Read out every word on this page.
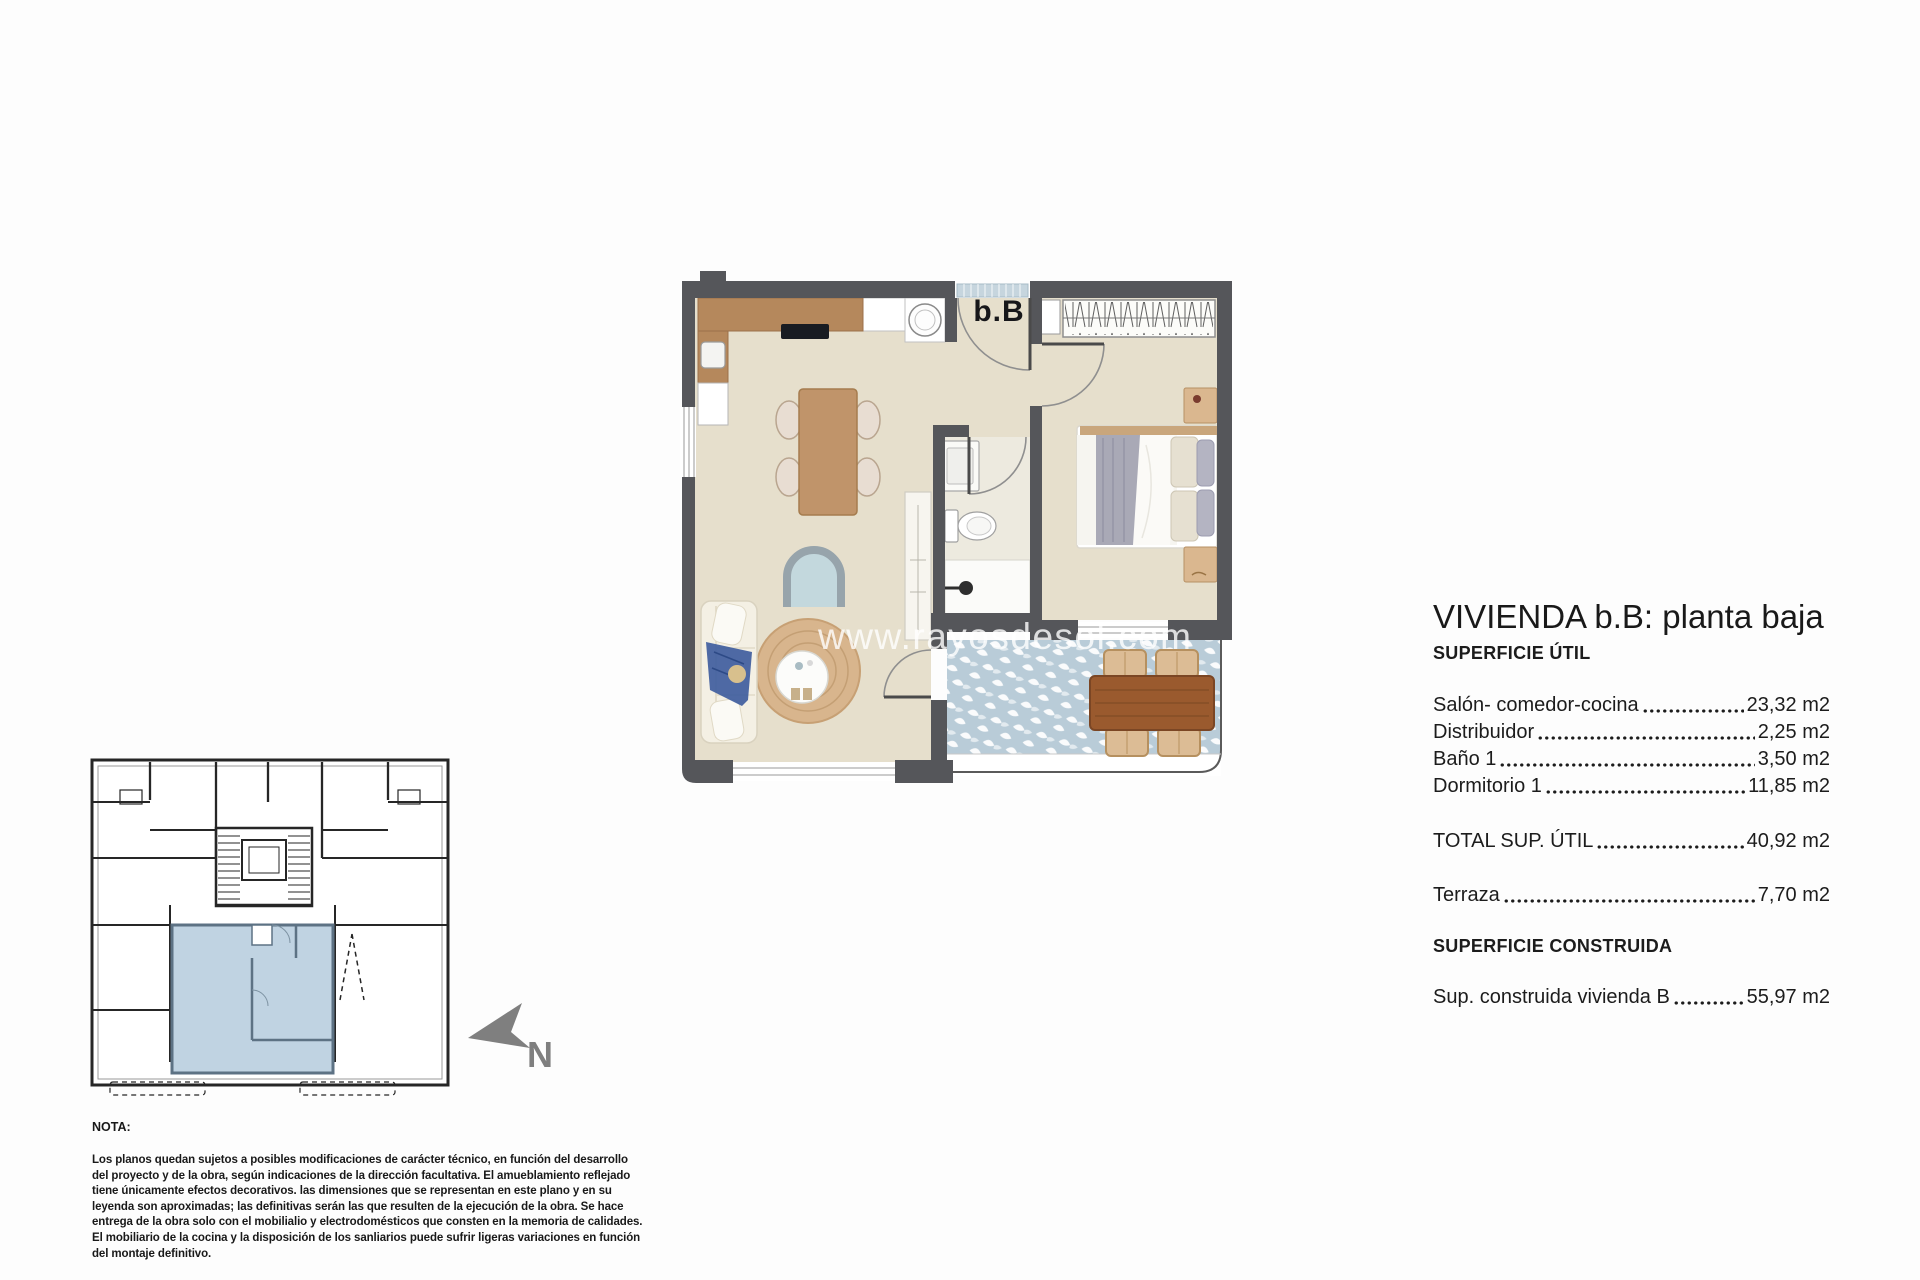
www.rayosdesol.com
b.B
N
VIVIENDA b.B: planta baja
SUPERFICIE ÚTIL
Salón- comedor-cocina	23,32 m2
Distribuidor	2,25 m2
Baño 1	3,50 m2
Dormitorio 1	11,85 m2
TOTAL SUP. ÚTIL	40,92 m2
Terraza	7,70 m2
SUPERFICIE CONSTRUIDA
Sup. construida vivienda B	55,97 m2
NOTA:
Los planos quedan sujetos a posibles modificaciones de carácter técnico, en función del desarrollo
del proyecto y de la obra, según indicaciones de la dirección facultativa. El amueblamiento reflejado
tiene únicamente efectos decorativos. las dimensiones que se representan en este plano y en su
leyenda son aproximadas; las definitivas serán las que resulten de la ejecución de la obra. Se hace
entrega de la obra solo con el mobilialio y electrodomésticos que consten en la memoria de calidades.
El mobiliario de la cocina y la disposición de los sanliarios puede sufrir ligeras variaciones en función
del montaje definitivo.
